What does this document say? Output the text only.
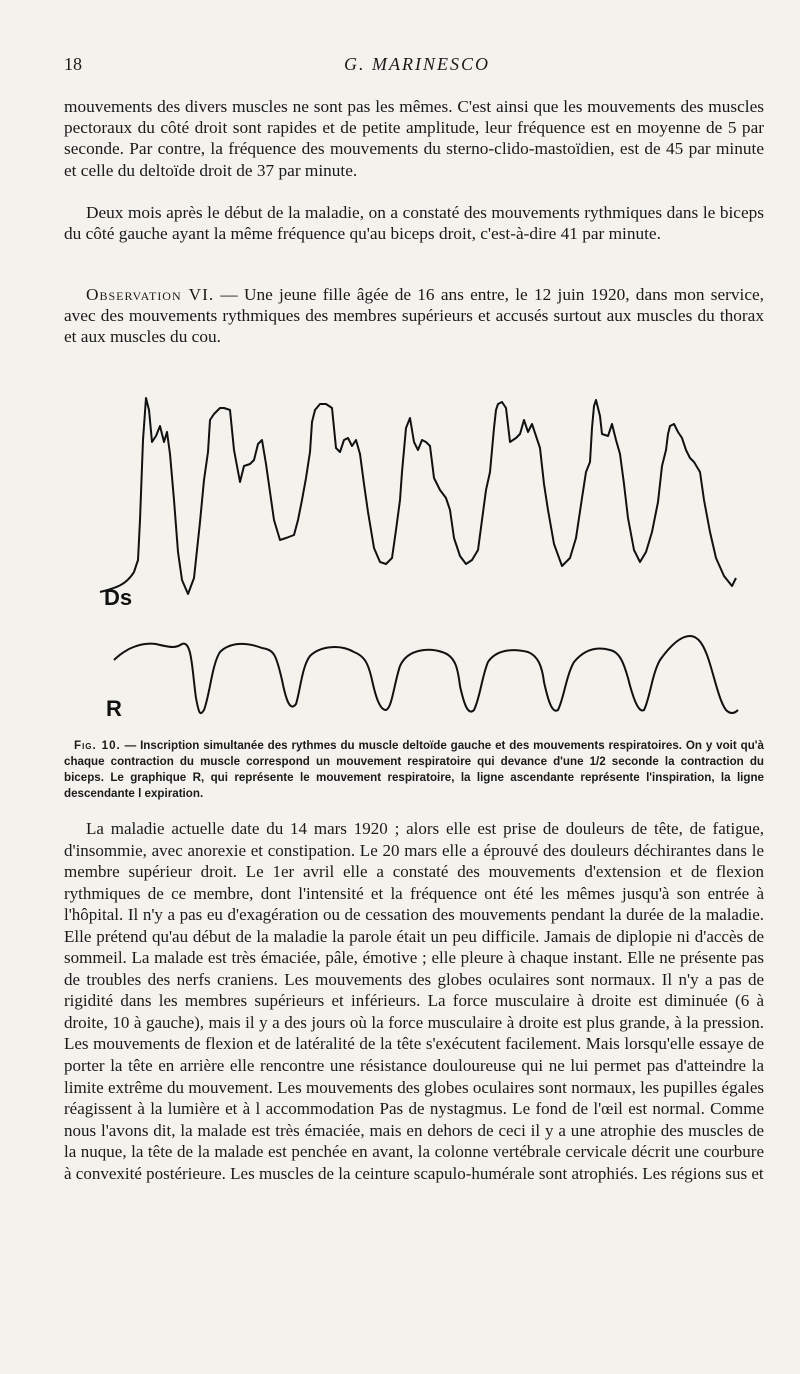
18	G. MARINESCO

mouvements des divers muscles ne sont pas les mêmes. C'est ainsi que les mouvements des muscles pectoraux du côté droit sont rapides et de petite amplitude, leur fréquence est en moyenne de 5 par seconde. Par contre, la fréquence des mouvements du sterno-clido-mastoïdien, est de 45 par minute et celle du deltoïde droit de 37 par minute.

Deux mois après le début de la maladie, on a constaté des mouvements rythmiques dans le biceps du côté gauche ayant la même fréquence qu'au biceps droit, c'est-à-dire 41 par minute.

Observation VI. — Une jeune fille âgée de 16 ans entre, le 12 juin 1920, dans mon service, avec des mouvements rythmiques des membres supérieurs et accusés surtout aux muscles du thorax et aux muscles du cou.

Ds
R

Fig. 10. — Inscription simultanée des rythmes du muscle deltoïde gauche et des mouvements respiratoires. On y voit qu'à chaque contraction du muscle correspond un mouvement respiratoire qui devance d'une 1/2 seconde la contraction du biceps. Le graphique R, qui représente le mouvement respiratoire, la ligne ascendante représente l'inspiration, la ligne descendante l expiration.

La maladie actuelle date du 14 mars 1920 ; alors elle est prise de douleurs de tête, de fatigue, d'insommie, avec anorexie et constipation. Le 20 mars elle a éprouvé des douleurs déchirantes dans le membre supérieur droit. Le 1er avril elle a constaté des mouvements d'extension et de flexion rythmiques de ce membre, dont l'intensité et la fréquence ont été les mêmes jusqu'à son entrée à l'hôpital. Il n'y a pas eu d'exagération ou de cessation des mouvements pendant la durée de la maladie. Elle prétend qu'au début de la maladie la parole était un peu difficile. Jamais de diplopie ni d'accès de sommeil. La malade est très émaciée, pâle, émotive ; elle pleure à chaque instant. Elle ne présente pas de troubles des nerfs craniens. Les mouvements des globes oculaires sont normaux. Il n'y a pas de rigidité dans les membres supérieurs et inférieurs. La force musculaire à droite est diminuée (6 à droite, 10 à gauche), mais il y a des jours où la force musculaire à droite est plus grande, à la pression. Les mouvements de flexion et de latéralité de la tête s'exécutent facilement. Mais lorsqu'elle essaye de porter la tête en arrière elle rencontre une résistance douloureuse qui ne lui permet pas d'atteindre la limite extrême du mouvement. Les mouvements des globes oculaires sont normaux, les pupilles égales réagissent à la lumière et à l accommodation Pas de nystagmus. Le fond de l'œil est normal. Comme nous l'avons dit, la malade est très émaciée, mais en dehors de ceci il y a une atrophie des muscles de la nuque, la tête de la malade est penchée en avant, la colonne vertébrale cervicale décrit une courbure à convexité postérieure. Les muscles de la ceinture scapulo-humérale sont atrophiés. Les régions sus et
